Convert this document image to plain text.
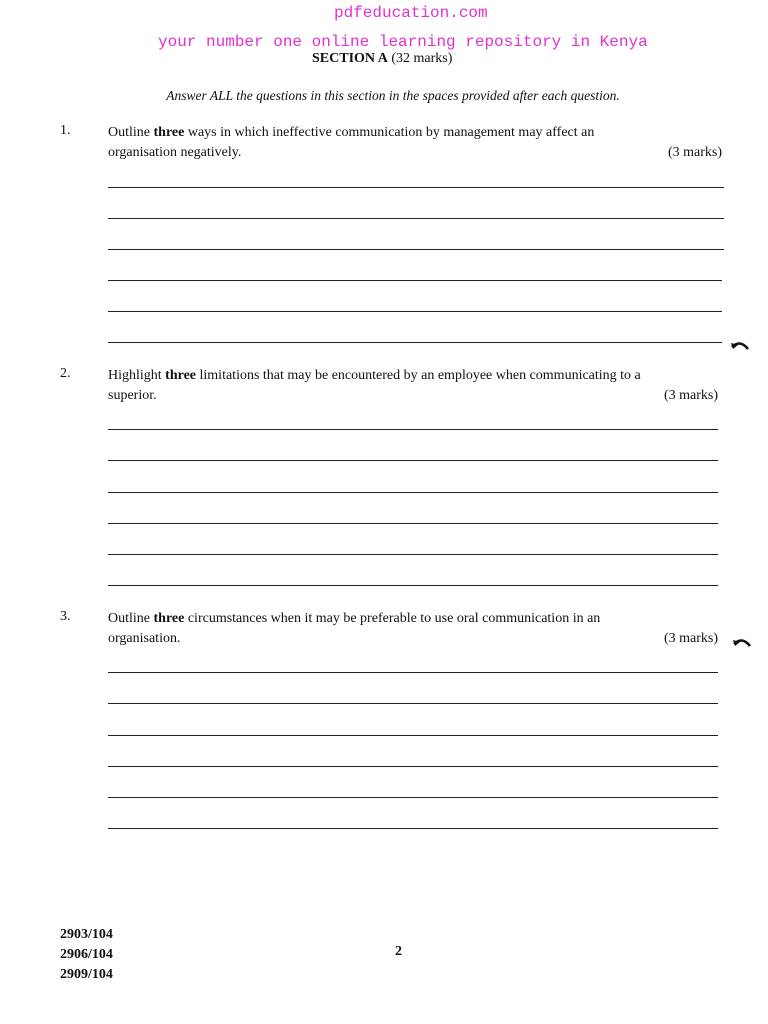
pdfeducation.com
your number one online learning repository in Kenya
SECTION A (32 marks)
Answer ALL the questions in this section in the spaces provided after each question.
1.	Outline three ways in which ineffective communication by management may affect an
organisation negatively.	(3 marks)
2.	Highlight three limitations that may be encountered by an employee when communicating to a
superior.	(3 marks)
3.	Outline three circumstances when it may be preferable to use oral communication in an
organisation.	(3 marks)
2903/104
2906/104
2909/104
2
